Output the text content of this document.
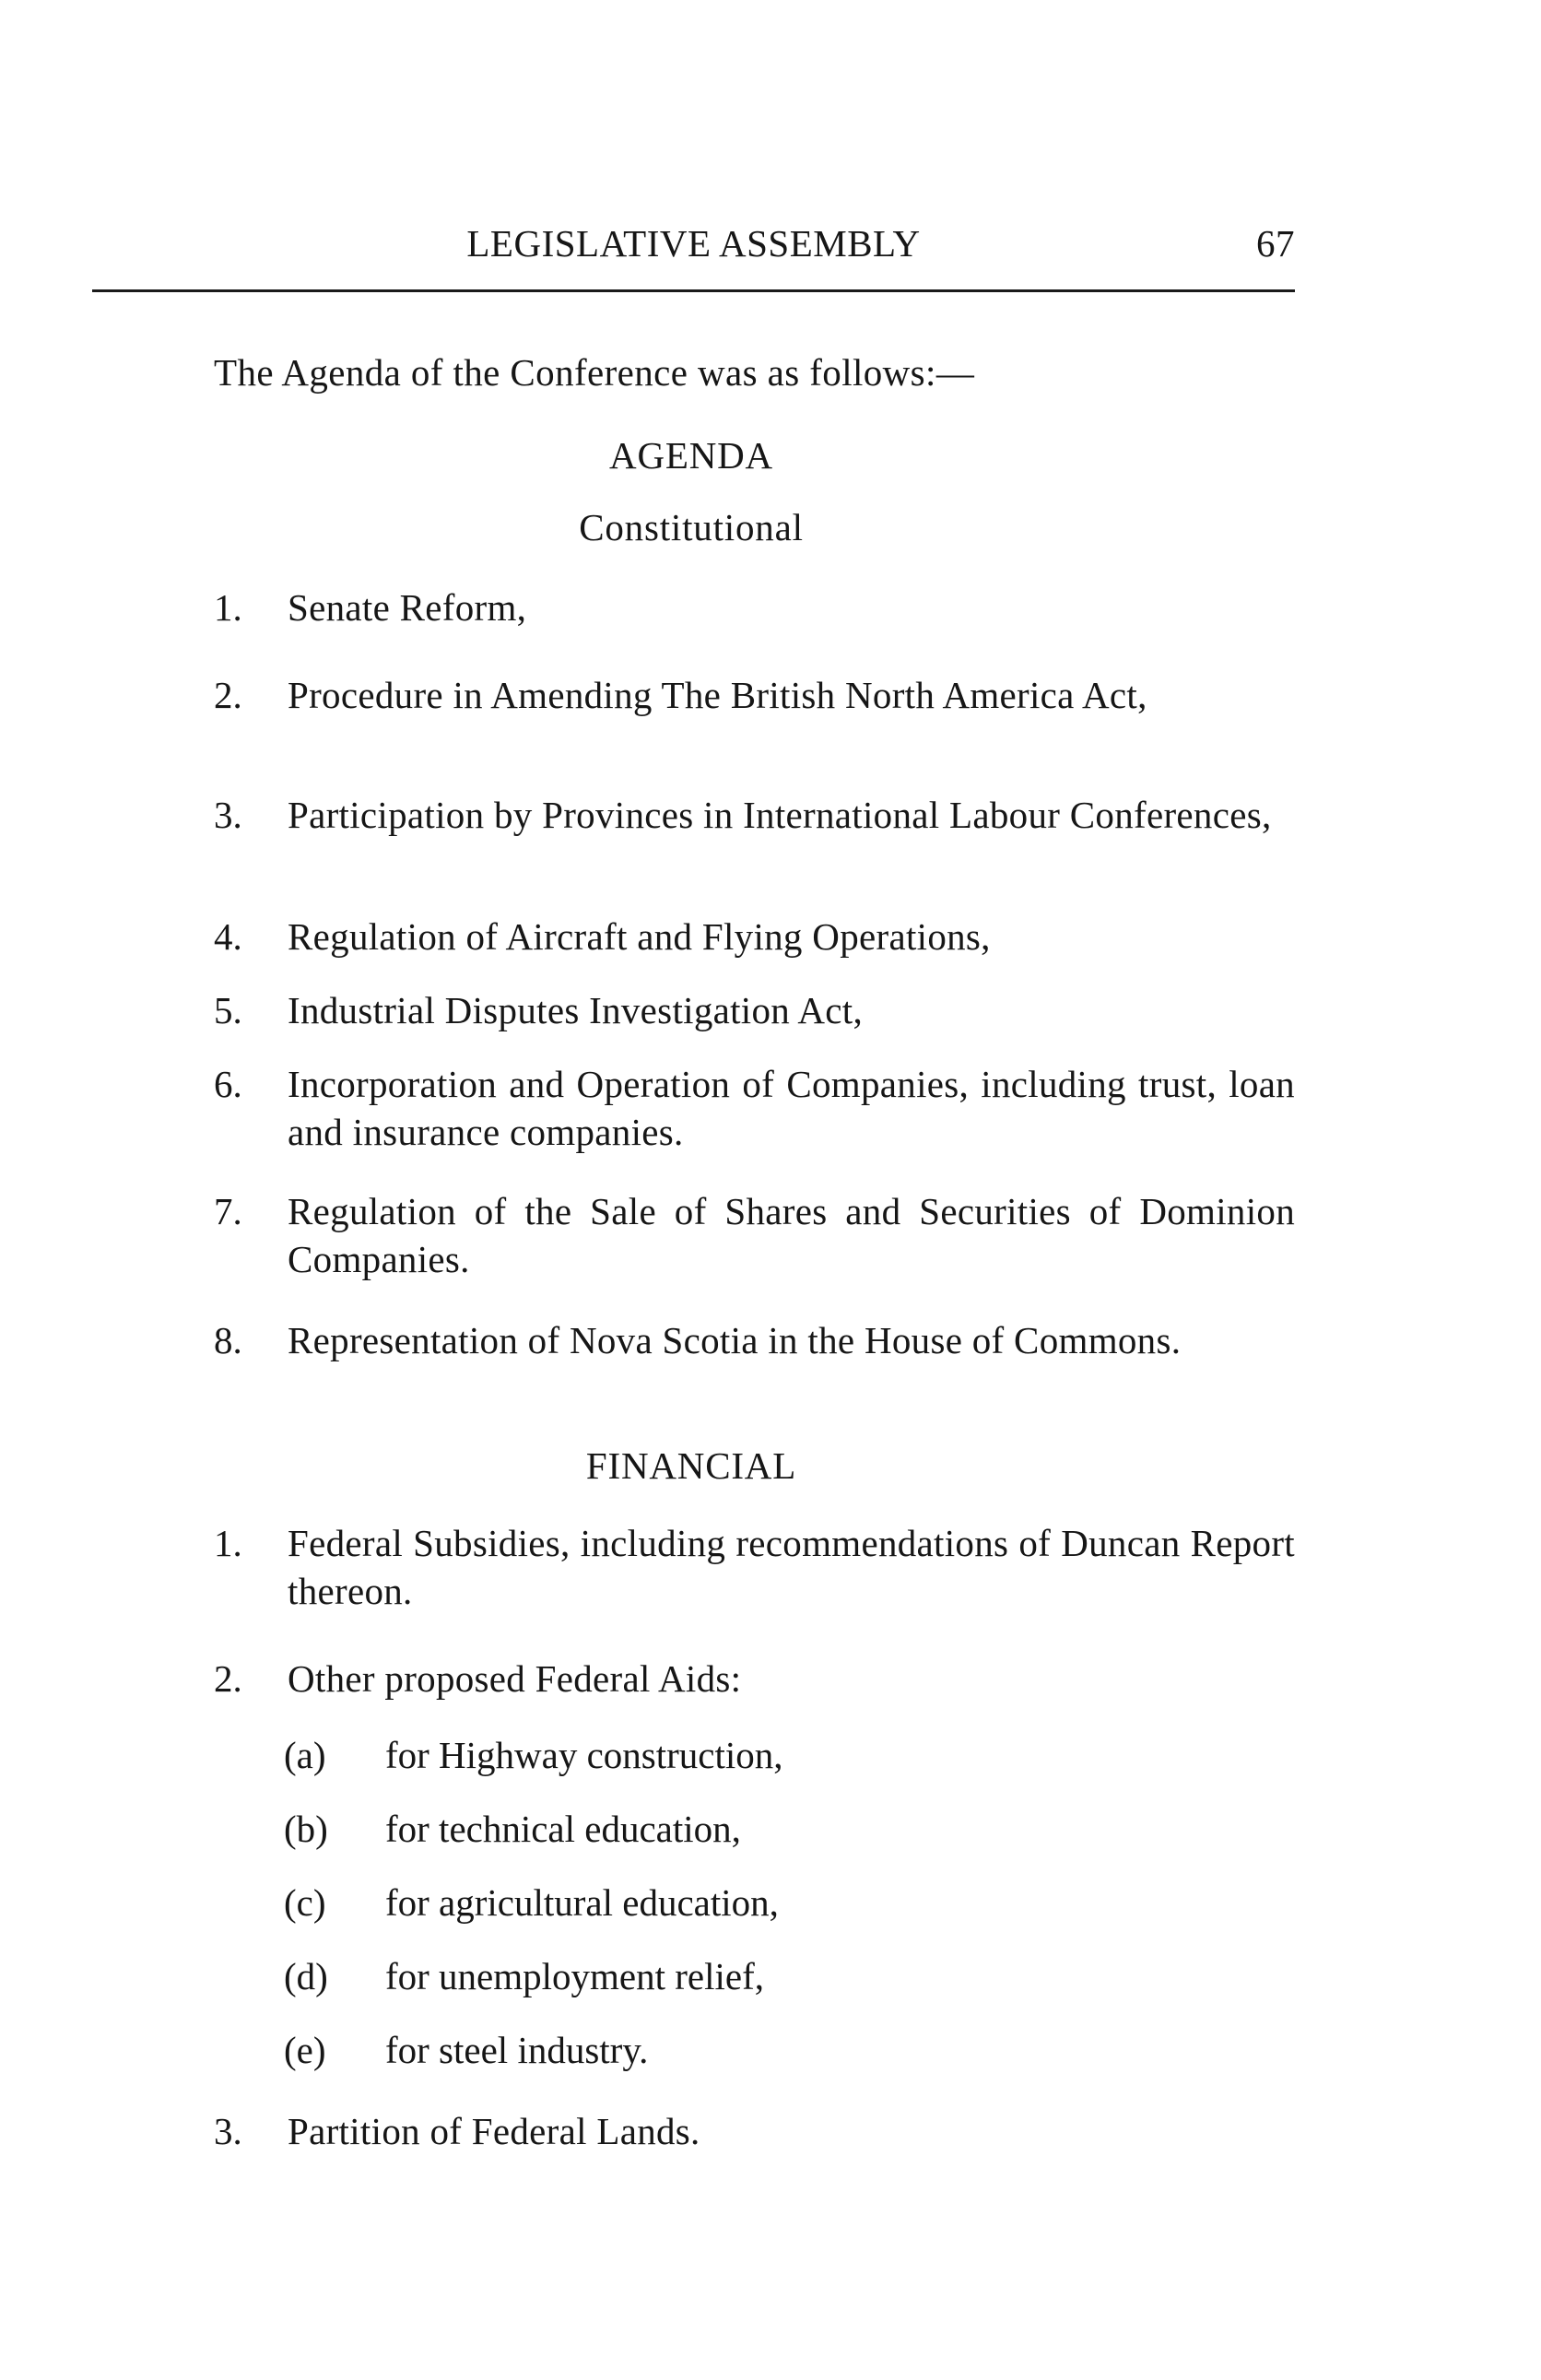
LEGISLATIVE ASSEMBLY	67
The Agenda of the Conference was as follows:—
AGENDA
Constitutional
1.	Senate Reform,
2.	Procedure in Amending The British North America Act,
3.	Participation by Provinces in International Labour Conferences,
4.	Regulation of Aircraft and Flying Operations,
5.	Industrial Disputes Investigation Act,
6.	Incorporation and Operation of Companies, including trust, loan and insurance companies.
7.	Regulation of the Sale of Shares and Securities of Dominion Companies.
8.	Representation of Nova Scotia in the House of Commons.
FINANCIAL
1.	Federal Subsidies, including recommendations of Duncan Report thereon.
2.	Other proposed Federal Aids:
(a) for Highway construction,
(b) for technical education,
(c) for agricultural education,
(d) for unemployment relief,
(e) for steel industry.
3.	Partition of Federal Lands.
